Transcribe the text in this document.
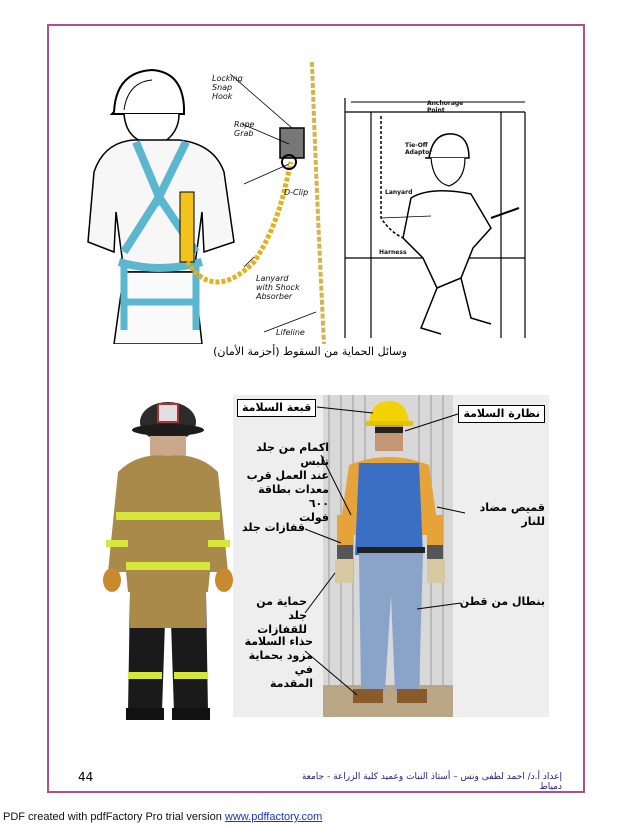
Locking
Snap
Hook
Rope
Grab
D-Clip
Lanyard
with Shock
Absorber
Lifeline
Anchorage
Point
Tie-Off
Adaptor
Lanyard
Harness
وسائل الحماية من السقوط (أحزمة الأمان)
قبعة السلامة	نظارة السلامة
اكمام من جلد تلبس
عند العمل قرب
معدات بطاقة ٦٠٠
فولت
قفازات جلد
قميص مضاد للنار
حماية من جلد
للقفازات
بنطال من قطن
حذاء السلامة
مزود بحماية في
المقدمة
44	إعداد أ.د/ احمد لطفى ونس – أستاذ النبات وعميد كلية الزراعة - جامعة دمياط
PDF created with pdfFactory Pro trial version www.pdffactory.com
